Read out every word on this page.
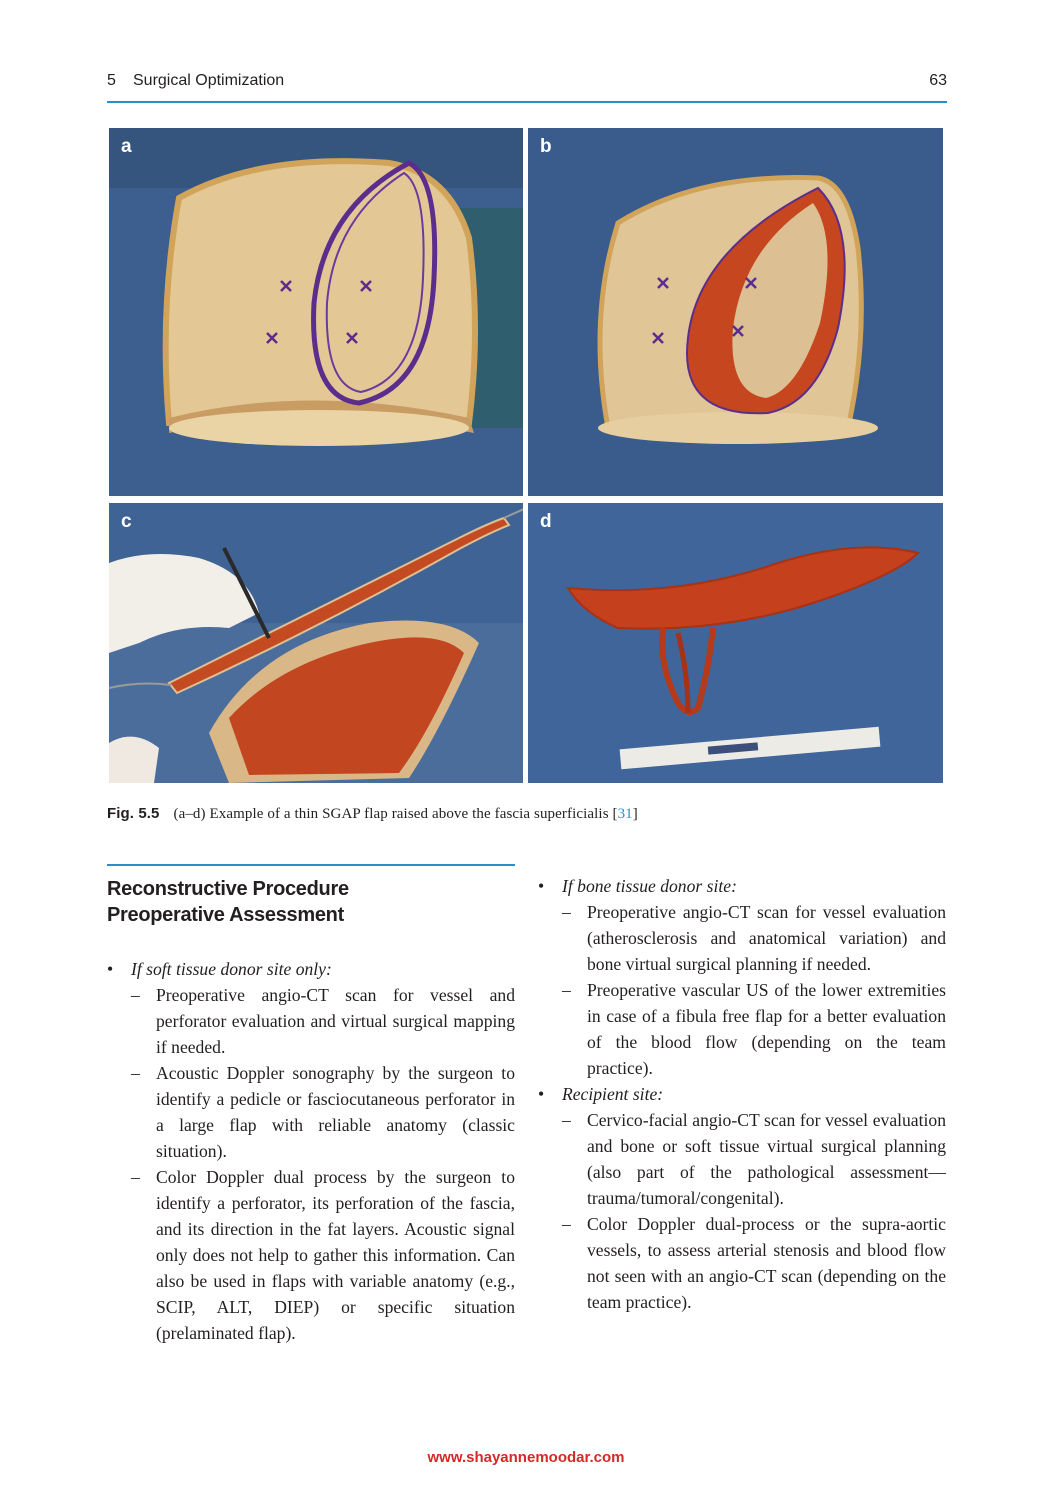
5 Surgical Optimization	63
a	b
c	d
Fig. 5.5 (a–d) Example of a thin SGAP flap raised above the fascia superficialis [31]
Reconstructive Procedure
Preoperative Assessment
• If soft tissue donor site only:
– Preoperative angio-CT scan for vessel and perforator evaluation and virtual surgical mapping if needed.
– Acoustic Doppler sonography by the surgeon to identify a pedicle or fasciocutaneous perforator in a large flap with reliable anatomy (classic situation).
– Color Doppler dual process by the surgeon to identify a perforator, its perforation of the fascia, and its direction in the fat layers. Acoustic signal only does not help to gather this information. Can also be used in flaps with variable anatomy (e.g., SCIP, ALT, DIEP) or specific situation (prelaminated flap).
• If bone tissue donor site:
– Preoperative angio-CT scan for vessel evaluation (atherosclerosis and anatomical variation) and bone virtual surgical planning if needed.
– Preoperative vascular US of the lower extremities in case of a fibula free flap for a better evaluation of the blood flow (depending on the team practice).
• Recipient site:
– Cervico-facial angio-CT scan for vessel evaluation and bone or soft tissue virtual surgical planning (also part of the pathological assessment—trauma/tumoral/congenital).
– Color Doppler dual-process or the supra-aortic vessels, to assess arterial stenosis and blood flow not seen with an angio-CT scan (depending on the team practice).
www.shayannemoodar.com
